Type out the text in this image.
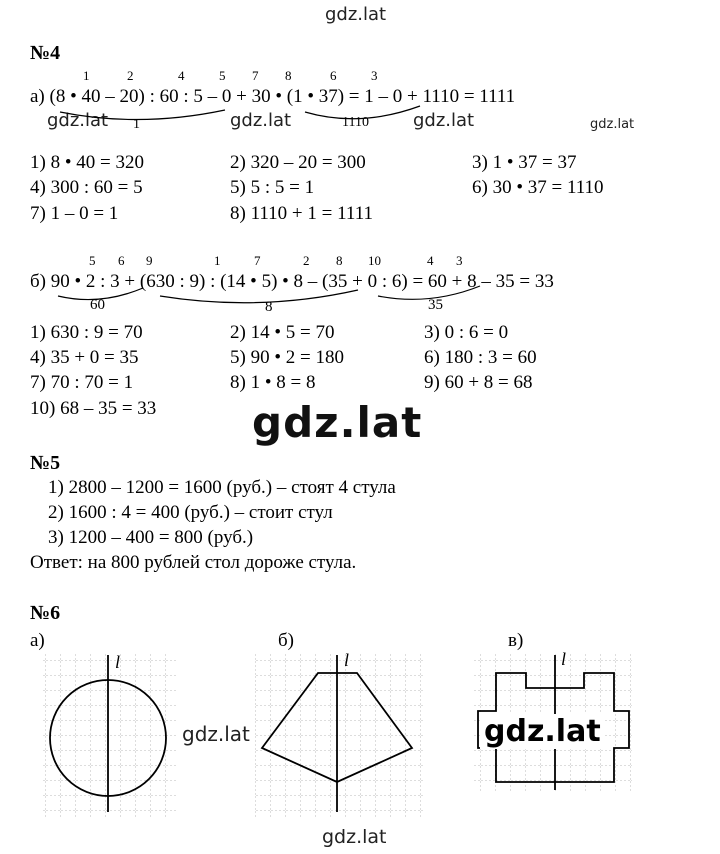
gdz.lat
№4
1	2	4	5 7 8	6	3
а) (8 • 40 – 20) : 60 : 5 – 0 + 30 • (1 • 37) = 1 – 0 + 1110 = 1111
gdz.lat 1	gdz.lat	1110 gdz.lat	gdz.lat
1) 8 • 40 = 320	2) 320 – 20 = 300	3) 1 • 37 = 37
4) 300 : 60 = 5	5) 5 : 5 = 1	6) 30 • 37 = 1110
7) 1 – 0 = 1	8) 1110 + 1 = 1111
5 6 9	1	7	2 8 10	4 3
б) 90 • 2 : 3 + (630 : 9) : (14 • 5) • 8 – (35 + 0 : 6) = 60 + 8 – 35 = 33
60	8	35
1) 630 : 9 = 70	2) 14 • 5 = 70	3) 0 : 6 = 0
4) 35 + 0 = 35	5) 90 • 2 = 180	6) 180 : 3 = 60
7) 70 : 70 = 1	8) 1 • 8 = 8	9) 60 + 8 = 68
10) 68 – 35 = 33 gdz.lat
№5
1) 2800 – 1200 = 1600 (руб.) – стоят 4 стула
2) 1600 : 4 = 400 (руб.) – стоит стул
3) 1200 – 400 = 800 (руб.)
Ответ: на 800 рублей стол дороже стула.
№6
а)	б)	в)
l	l	l
gdz.lat	gdz.lat
gdz.lat
